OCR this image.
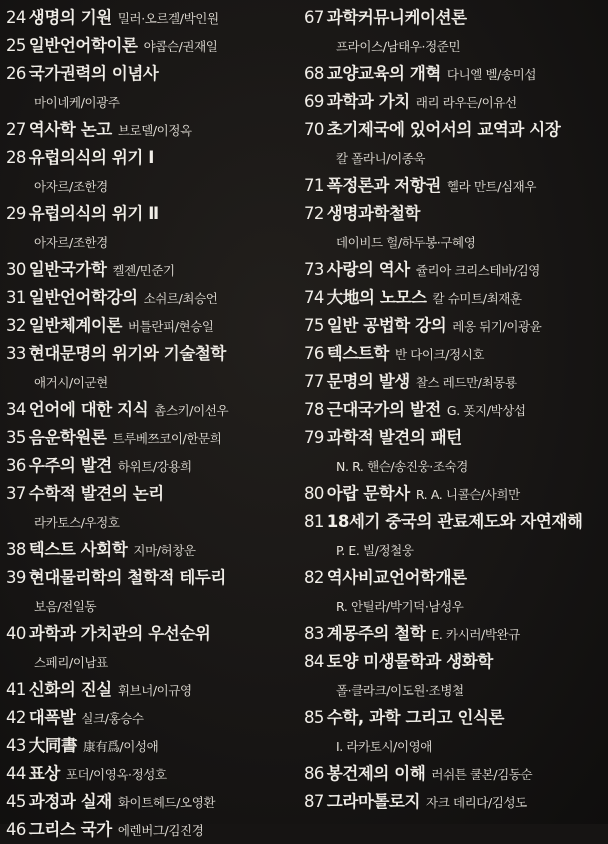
24 생명의 기원 밀러·오르겔/박인원
25 일반언어학이론 야콥슨/권재일
26 국가권력의 이념사
마이네케/이광주
27 역사학 논고 브로델/이정옥
28 유럽의식의 위기 Ⅰ
아자르/조한경
29 유럽의식의 위기 Ⅱ
아자르/조한경
30 일반국가학 켈젠/민준기
31 일반언어학강의 소쉬르/최승언
32 일반체계이론 버틀란피/현승일
33 현대문명의 위기와 기술철학
애거시/이군현
34 언어에 대한 지식 촘스키/이선우
35 음운학원론 트루베쯔코이/한문희
36 우주의 발견 하위트/강용희
37 수학적 발견의 논리
라카토스/우정호
38 텍스트 사회학 지마/허창운
39 현대물리학의 철학적 테두리
보음/전일동
40 과학과 가치관의 우선순위
스페리/이남표
41 신화의 진실 휘브너/이규영
42 대폭발 실크/홍승수
43 大同書 康有爲/이성애
44 표상 포더/이영옥·정성호
45 과정과 실재 화이트헤드/오영환
46 그리스 국가 에렌버그/김진경
67 과학커뮤니케이션론
프라이스/남태우·정준민
68 교양교육의 개혁 다니엘 벨/송미섭
69 과학과 가치 래리 라우든/이유선
70 초기제국에 있어서의 교역과 시장
칼 폴라니/이종욱
71 폭정론과 저항권 헬라 만트/심재우
72 생명과학철학
데이비드 헐/하두봉·구혜영
73 사랑의 역사 쥴리아 크리스테바/김영
74 大地의 노모스 칼 슈미트/최재훈
75 일반 공법학 강의 레옹 뒤기/이광윤
76 텍스트학 반 다이크/정시호
77 문명의 발생 찰스 레드만/최몽룡
78 근대국가의 발전 G. 폿지/박상섭
79 과학적 발견의 패턴
N. R. 핸슨/송진웅·조숙경
80 아랍 문학사 R. A. 니콜슨/사희만
81 18세기 중국의 관료제도와 자연재해
P. E. 빌/정철웅
82 역사비교언어학개론
R. 안틸라/박기덕·남성우
83 계몽주의 철학 E. 카시러/박완규
84 토양 미생물학과 생화학
폴·클라크/이도원·조병철
85 수학, 과학 그리고 인식론
I. 라카토시/이영애
86 봉건제의 이해 러쉬튼 쿨본/김동순
87 그라마톨로지 자크 데리다/김성도
